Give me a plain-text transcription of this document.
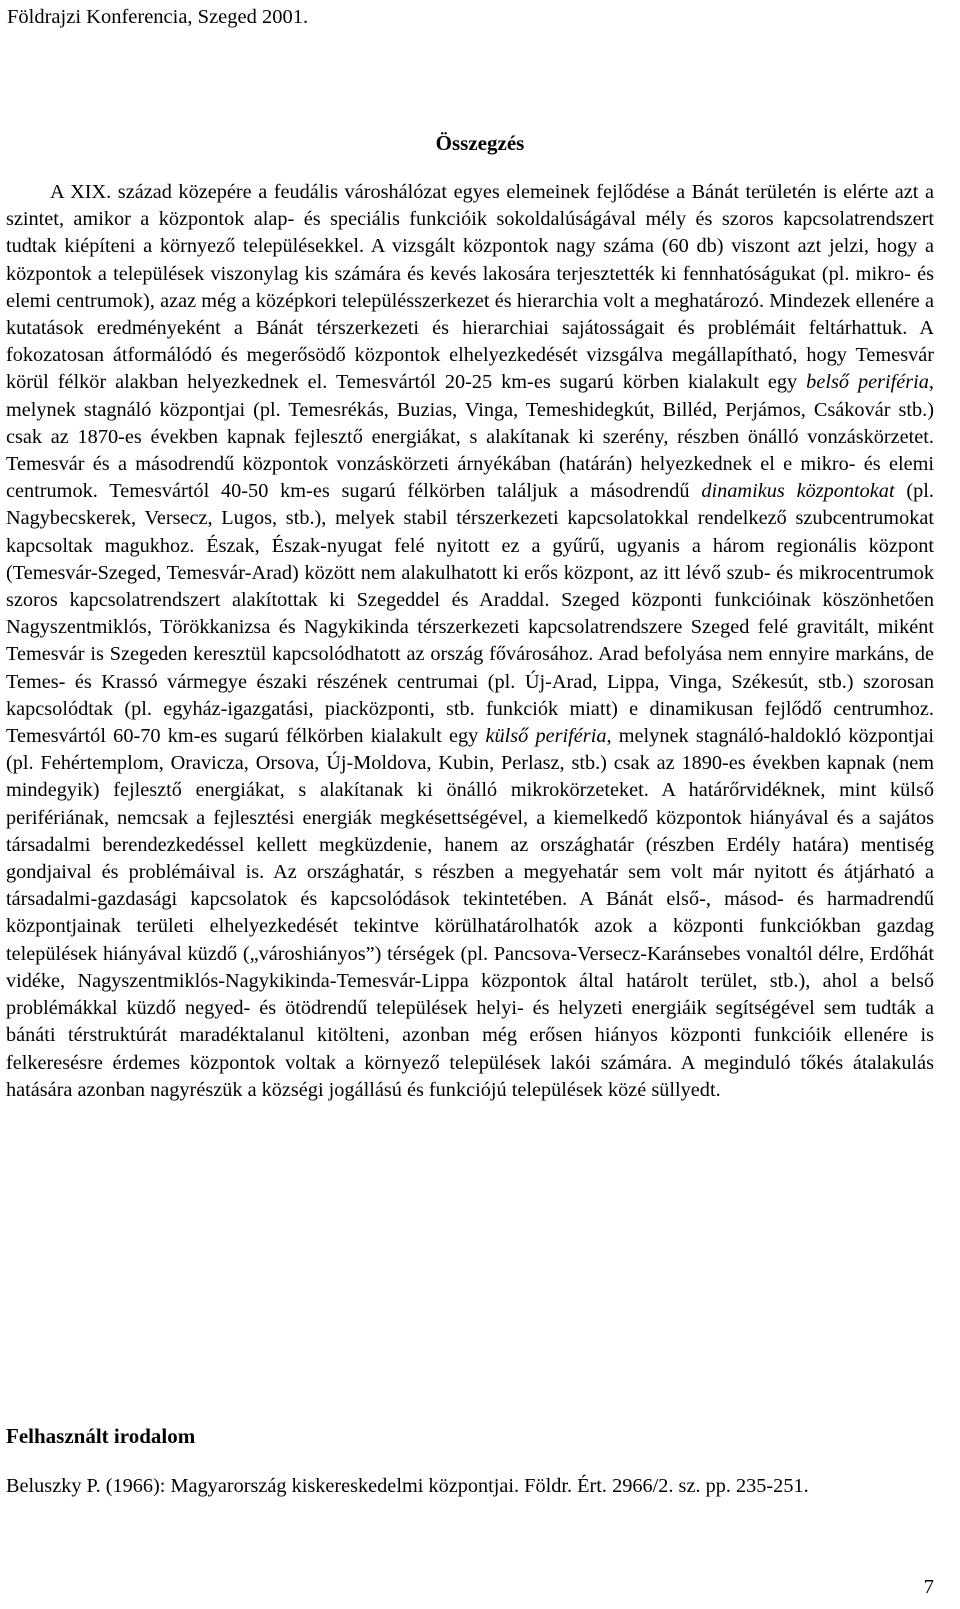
Földrajzi Konferencia, Szeged 2001.
Összegzés

A XIX. század közepére a feudális városhálózat egyes elemeinek fejlődése a Bánát területén is elérte azt a szintet, amikor a központok alap- és speciális funkcióik sokoldalúságával mély és szoros kapcsolatrendszert tudtak kiépíteni a környező településekkel. A vizsgált központok nagy száma (60 db) viszont azt jelzi, hogy a központok a települések viszonylag kis számára és kevés lakosára terjesztették ki fennhatóságukat (pl. mikro- és elemi centrumok), azaz még a középkori településszerkezet és hierarchia volt a meghatározó. Mindezek ellenére a kutatások eredményeként a Bánát térszerkezeti és hierarchiai sajátosságait és problémáit feltárhattuk. A fokozatosan átformálódó és megerősödő központok elhelyezkedését vizsgálva megállapítható, hogy Temesvár körül félkör alakban helyezkednek el. Temesvártól 20-25 km-es sugarú körben kialakult egy belső periféria, melynek stagnáló központjai (pl. Temesrékás, Buzias, Vinga, Temeshidegkút, Billéd, Perjámos, Csákovár stb.) csak az 1870-es években kapnak fejlesztő energiákat, s alakítanak ki szerény, részben önálló vonzáskörzetet. Temesvár és a másodrendű központok vonzáskörzeti árnyékában (határán) helyezkednek el e mikro- és elemi centrumok. Temesvártól 40-50 km-es sugarú félkörben találjuk a másodrendű dinamikus központokat (pl. Nagybecskerek, Versecz, Lugos, stb.), melyek stabil térszerkezeti kapcsolatokkal rendelkező szubcentrumokat kapcsoltak magukhoz. Észak, Észak-nyugat felé nyitott ez a gyűrű, ugyanis a három regionális központ (Temesvár-Szeged, Temesvár-Arad) között nem alakulhatott ki erős központ, az itt lévő szub- és mikrocentrumok szoros kapcsolatrendszert alakítottak ki Szegeddel és Araddal. Szeged központi funkcióinak köszönhetően Nagyszentmiklós, Törökkanizsa és Nagykikinda térszerkezeti kapcsolatrendszere Szeged felé gravitált, miként Temesvár is Szegeden keresztül kapcsolódhatott az ország fővárosához. Arad befolyása nem ennyire markáns, de Temes- és Krassó vármegye északi részének centrumai (pl. Új-Arad, Lippa, Vinga, Székesút, stb.) szorosan kapcsolódtak (pl. egyház-igazgatási, piacközponti, stb. funkciók miatt) e dinamikusan fejlődő centrumhoz. Temesvártól 60-70 km-es sugarú félkörben kialakult egy külső periféria, melynek stagnáló-haldokló központjai (pl. Fehértemplom, Oravicza, Orsova, Új-Moldova, Kubin, Perlasz, stb.) csak az 1890-es években kapnak (nem mindegyik) fejlesztő energiákat, s alakítanak ki önálló mikrokörzeteket. A határőrvidéknek, mint külső perifériának, nemcsak a fejlesztési energiák megkésettségével, a kiemelkedő központok hiányával és a sajátos társadalmi berendezkedéssel kellett megküzdenie, hanem az országhatár (részben Erdély határa) mentiség gondjaival és problémáival is. Az országhatár, s részben a megyehatár sem volt már nyitott és átjárható a társadalmi-gazdasági kapcsolatok és kapcsolódások tekintetében. A Bánát első-, másod- és harmadrendű központjainak területi elhelyezkedését tekintve körülhatárolhatók azok a központi funkciókban gazdag települések hiányával küzdő („városhiányos”) térségek (pl. Pancsova-Versecz-Karánsebes vonaltól délre, Erdőhát vidéke, Nagyszentmiklós-Nagykikinda-Temesvár-Lippa központok által határolt terület, stb.), ahol a belső problémákkal küzdő negyed- és ötödrendű települések helyi- és helyzeti energiáik segítségével sem tudták a bánáti térstruktúrát maradéktalanul kitölteni, azonban még erősen hiányos központi funkcióik ellenére is felkeresésre érdemes központok voltak a környező települések lakói számára. A meginduló tőkés átalakulás hatására azonban nagyrészük a községi jogállású és funkciójú települések közé süllyedt.

Felhasznált irodalom
Beluszky P. (1966): Magyarország kiskereskedelmi központjai. Földr. Ért. 2966/2. sz. pp. 235-251.
7
